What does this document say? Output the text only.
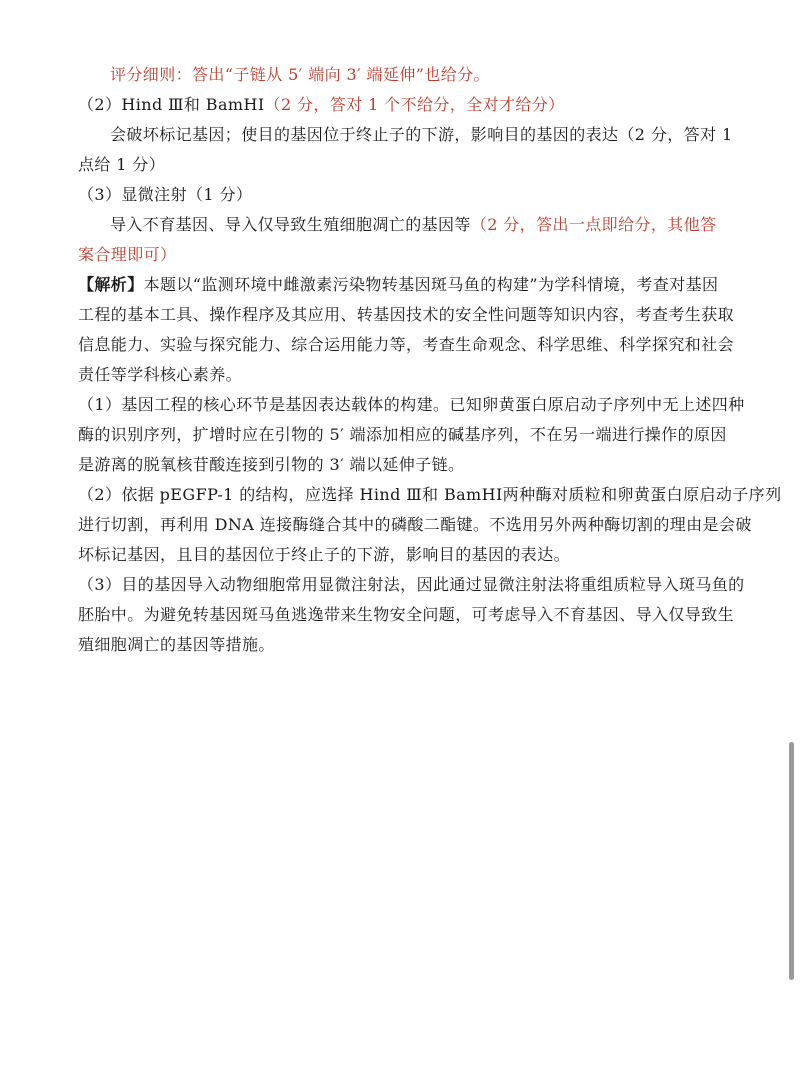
评分细则：答出“子链从 5′ 端向 3′ 端延伸”也给分。
（2）Hind Ⅲ和 BamHⅠ（2 分，答对 1 个不给分，全对才给分）
会破坏标记基因；使目的基因位于终止子的下游，影响目的基因的表达（2 分，答对 1
点给 1 分）
（3）显微注射（1 分）
导入不育基因、导入仅导致生殖细胞凋亡的基因等（2 分，答出一点即给分，其他答
案合理即可）
【解析】本题以“监测环境中雌激素污染物转基因斑马鱼的构建”为学科情境，考查对基因
工程的基本工具、操作程序及其应用、转基因技术的安全性问题等知识内容，考查考生获取
信息能力、实验与探究能力、综合运用能力等，考查生命观念、科学思维、科学探究和社会
责任等学科核心素养。
（1）基因工程的核心环节是基因表达载体的构建。已知卵黄蛋白原启动子序列中无上述四种
酶的识别序列，扩增时应在引物的 5′ 端添加相应的碱基序列，不在另一端进行操作的原因
是游离的脱氧核苷酸连接到引物的 3′ 端以延伸子链。
（2）依据 pEGFP-1 的结构，应选择 Hind Ⅲ和 BamHⅠ两种酶对质粒和卵黄蛋白原启动子序列
进行切割，再利用 DNA 连接酶缝合其中的磷酸二酯键。不选用另外两种酶切割的理由是会破
坏标记基因，且目的基因位于终止子的下游，影响目的基因的表达。
（3）目的基因导入动物细胞常用显微注射法，因此通过显微注射法将重组质粒导入斑马鱼的
胚胎中。为避免转基因斑马鱼逃逸带来生物安全问题，可考虑导入不育基因、导入仅导致生
殖细胞凋亡的基因等措施。
